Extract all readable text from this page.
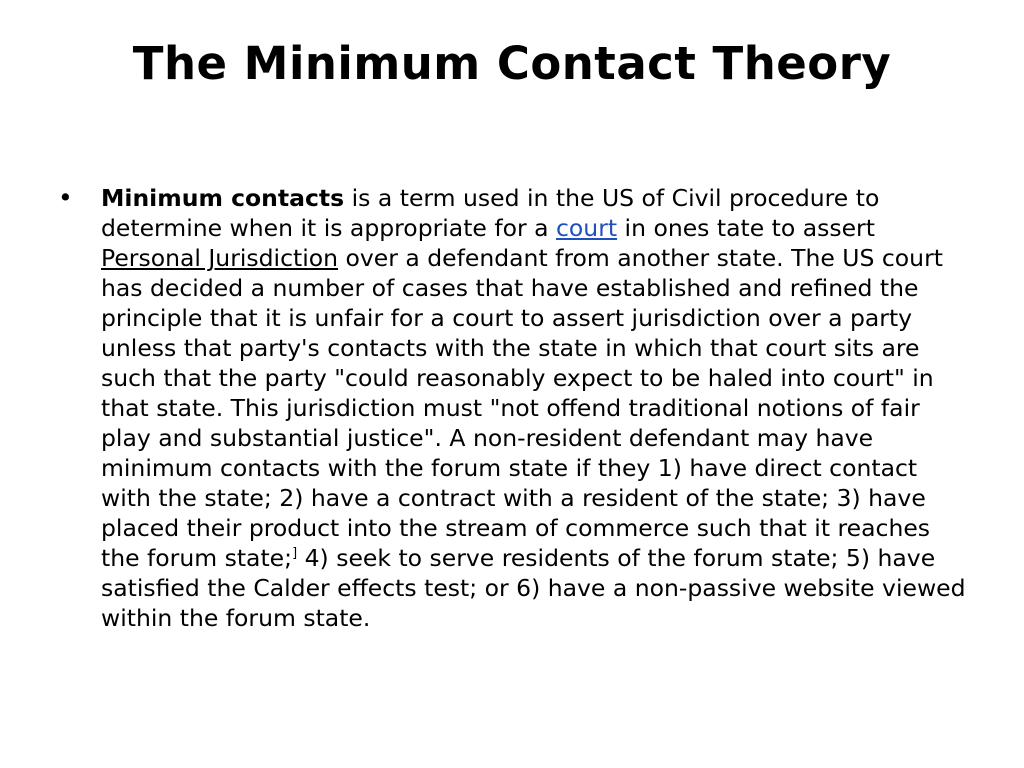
The Minimum Contact Theory
•	Minimum contacts is a term used in the US of Civil procedure to determine when it is appropriate for a court in ones tate to assert Personal Jurisdiction over a defendant from another state. The US court has decided a number of cases that have established and refined the principle that it is unfair for a court to assert jurisdiction over a party unless that party's contacts with the state in which that court sits are such that the party "could reasonably expect to be haled into court" in that state. This jurisdiction must "not offend traditional notions of fair play and substantial justice". A non-resident defendant may have minimum contacts with the forum state if they 1) have direct contact with the state; 2) have a contract with a resident of the state; 3) have placed their product into the stream of commerce such that it reaches the forum state;] 4) seek to serve residents of the forum state; 5) have satisfied the Calder effects test; or 6) have a non-passive website viewed within the forum state.
